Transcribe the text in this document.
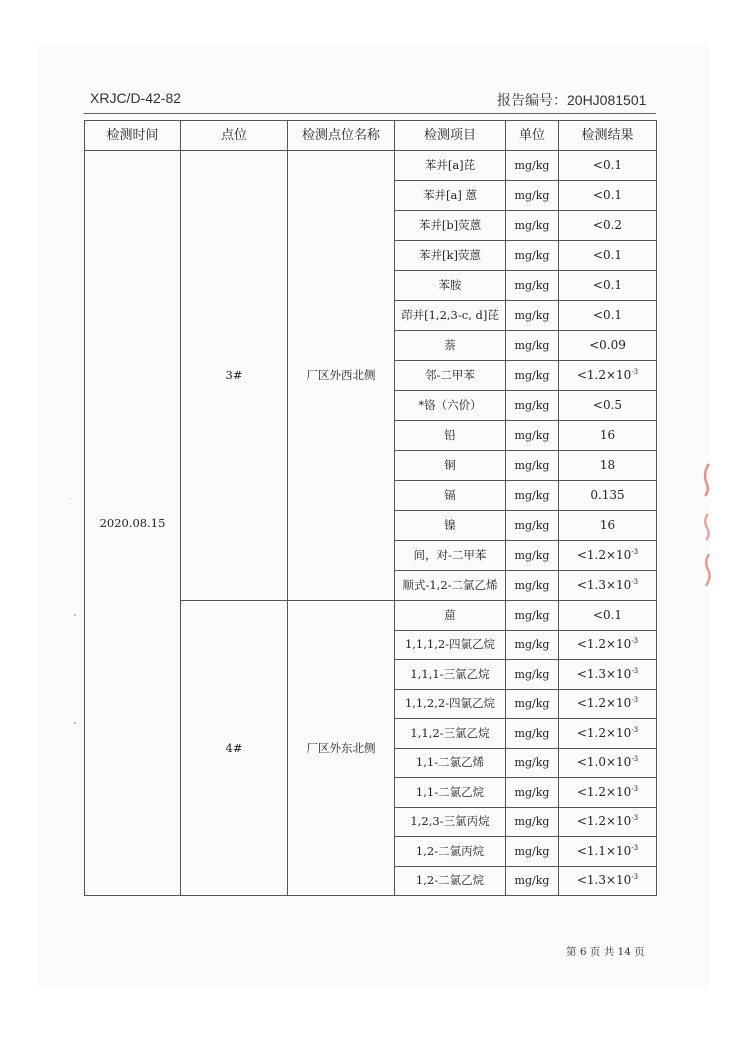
XRJC/D-42-82	报告编号：20HJ081501
检测时间	点位	检测点位名称	检测项目	单位	检测结果
2020.08.15	3#	厂区外西北侧	苯并[a]芘	mg/kg	<0.1
			苯并[a] 蒽	mg/kg	<0.1
			苯并[b]荧蒽	mg/kg	<0.2
			苯并[k]荧蒽	mg/kg	<0.1
			苯胺	mg/kg	<0.1
			茚并[1,2,3-c, d]芘	mg/kg	<0.1
			萘	mg/kg	<0.09
			邻-二甲苯	mg/kg	$<1.2\times 10^{-3}$
			*铬（六价）	mg/kg	<0.5
			铅	mg/kg	16
			铜	mg/kg	18
			镉	mg/kg	0.135
			镍	mg/kg	16
			间，对-二甲苯	mg/kg	$<1.2\times 10^{-3}$
			顺式-1,2-二氯乙烯	mg/kg	$<1.3\times 10^{-3}$
	4#	厂区外东北侧	䓛	mg/kg	<0.1
			1,1,1,2-四氯乙烷	mg/kg	$<1.2\times 10^{-3}$
			1,1,1-三氯乙烷	mg/kg	$<1.3\times 10^{-3}$
			1,1,2,2-四氯乙烷	mg/kg	$<1.2\times 10^{-3}$
			1,1,2-三氯乙烷	mg/kg	$<1.2\times 10^{-3}$
			1,1-二氯乙烯	mg/kg	$<1.0\times 10^{-3}$
			1,1-二氯乙烷	mg/kg	$<1.2\times 10^{-3}$
			1,2,3-三氯丙烷	mg/kg	$<1.2\times 10^{-3}$
			1,2-二氯丙烷	mg/kg	$<1.1\times 10^{-3}$
			1,2-二氯乙烷	mg/kg	$<1.3\times 10^{-3}$
第 6 页 共 14 页
